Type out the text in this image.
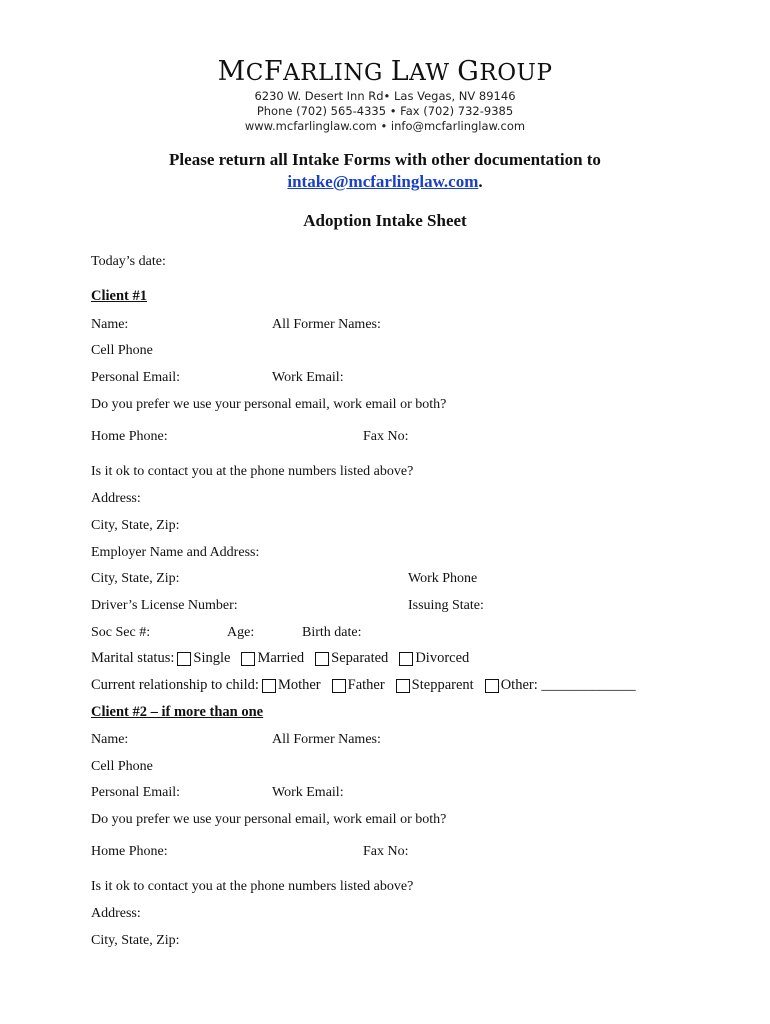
MCFARLING LAW GROUP
6230 W. Desert Inn Rd• Las Vegas, NV 89146
Phone (702) 565-4335 • Fax (702) 732-9385
www.mcfarlinglaw.com • info@mcfarlinglaw.com
Please return all Intake Forms with other documentation to
intake@mcfarlinglaw.com.
Adoption Intake Sheet
Today’s date:
Client #1
Name:	All Former Names:
Cell Phone
Personal Email:	Work Email:
Do you prefer we use your personal email, work email or both?
Home Phone:	Fax No:
Is it ok to contact you at the phone numbers listed above?
Address:
City, State, Zip:
Employer Name and Address:
City, State, Zip:	Work Phone
Driver’s License Number:	Issuing State:
Soc Sec #:	Age:	Birth date:
Marital status: Single Married Separated Divorced
Current relationship to child: Mother Father Stepparent Other: _____________
Client #2 – if more than one
Name:	All Former Names:
Cell Phone
Personal Email:	Work Email:
Do you prefer we use your personal email, work email or both?
Home Phone:	Fax No:
Is it ok to contact you at the phone numbers listed above?
Address:
City, State, Zip:
